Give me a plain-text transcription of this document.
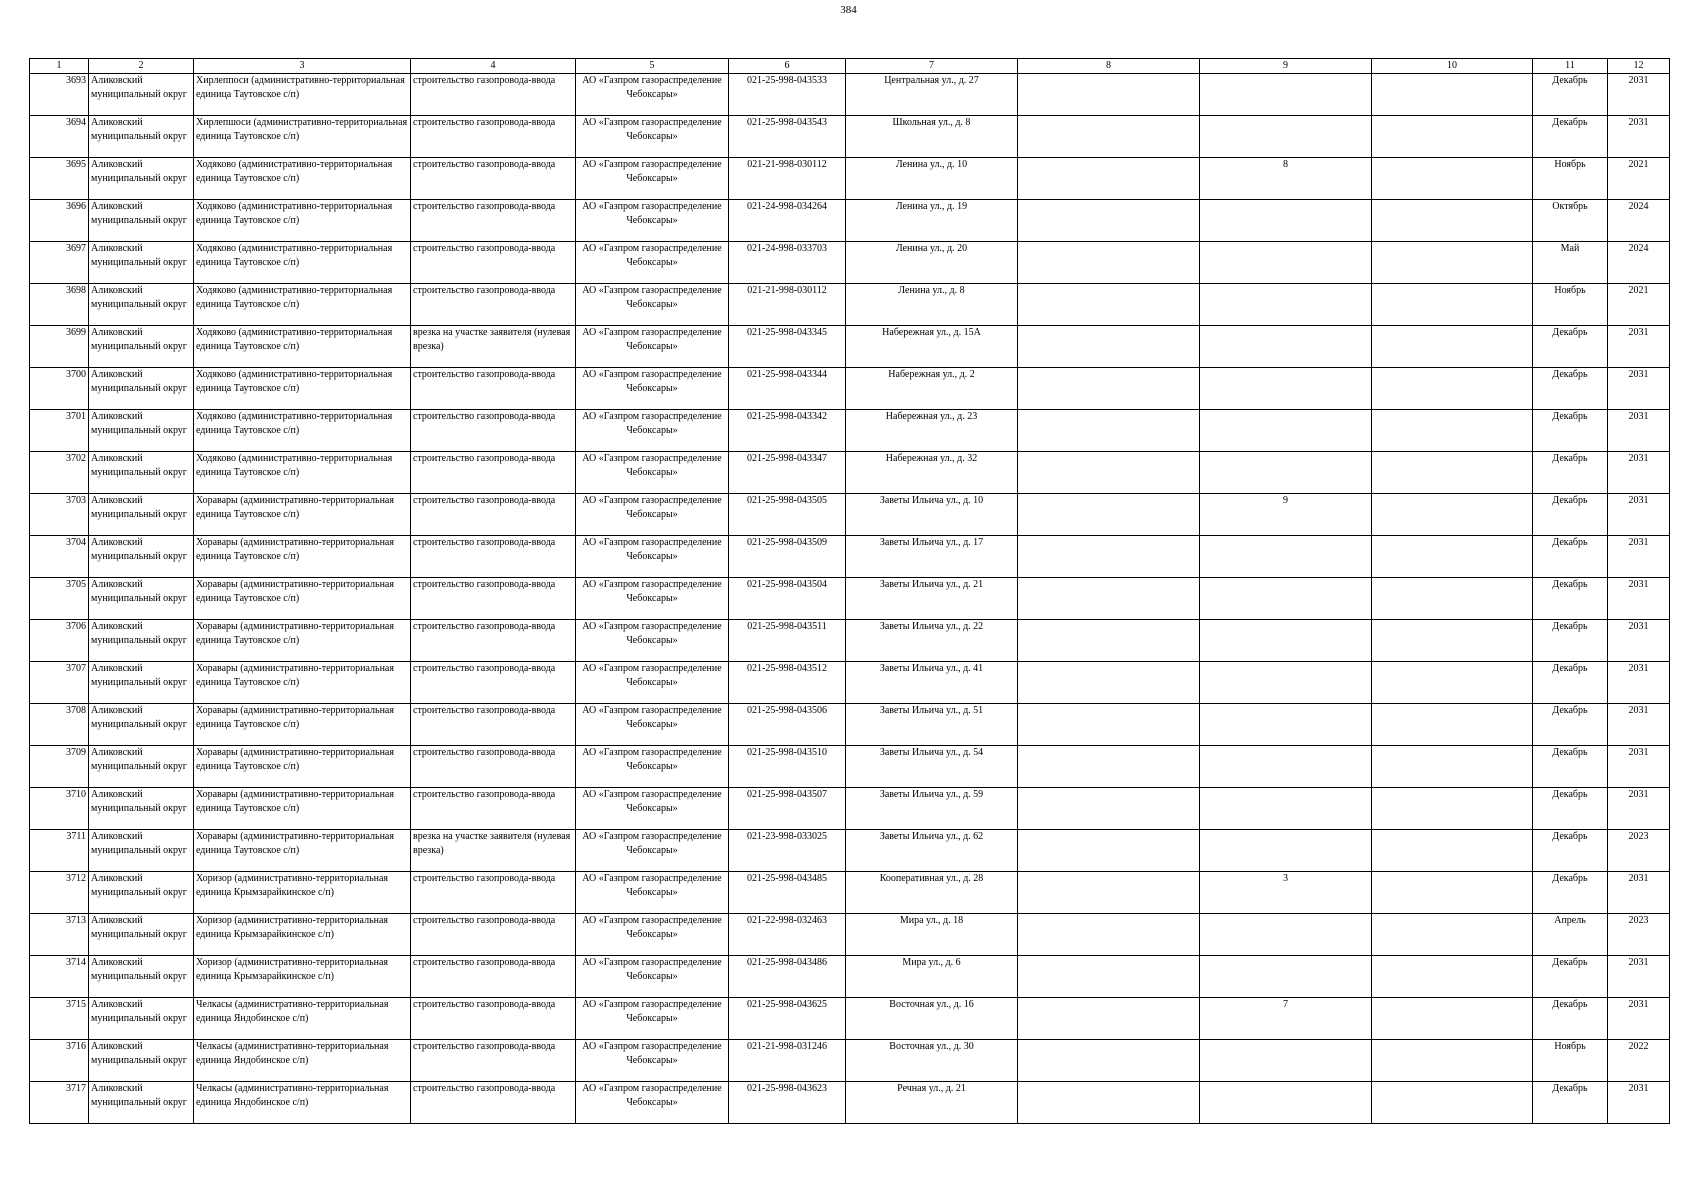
384
1	2	3	4	5	6	7	8	9	10	11	12

3693	Аликовский муниципальный округ	Хирлеппоси (административно-территориальная единица Таутовское с/п)	строительство газопровода-ввода	АО «Газпром газораспределение Чебоксары»	021-25-998-043533	Центральная ул., д. 27				Декабрь	2031

3694	Аликовский муниципальный округ	Хирлепшоси (административно-территориальная единица Таутовское с/п)	строительство газопровода-ввода	АО «Газпром газораспределение Чебоксары»	021-25-998-043543	Школьная ул., д. 8				Декабрь	2031

3695	Аликовский муниципальный округ	Ходяково (административно-территориальная единица Таутовское с/п)	строительство газопровода-ввода	АО «Газпром газораспределение Чебоксары»	021-21-998-030112	Ленина ул., д. 10		8		Ноябрь	2021

3696	Аликовский муниципальный округ	Ходяково (административно-территориальная единица Таутовское с/п)	строительство газопровода-ввода	АО «Газпром газораспределение Чебоксары»	021-24-998-034264	Ленина ул., д. 19				Октябрь	2024

3697	Аликовский муниципальный округ	Ходяково (административно-территориальная единица Таутовское с/п)	строительство газопровода-ввода	АО «Газпром газораспределение Чебоксары»	021-24-998-033703	Ленина ул., д. 20				Май	2024

3698	Аликовский муниципальный округ	Ходяково (административно-территориальная единица Таутовское с/п)	строительство газопровода-ввода	АО «Газпром газораспределение Чебоксары»	021-21-998-030112	Ленина ул., д. 8				Ноябрь	2021

3699	Аликовский муниципальный округ	Ходяково (административно-территориальная единица Таутовское с/п)	врезка на участке заявителя (нулевая врезка)	АО «Газпром газораспределение Чебоксары»	021-25-998-043345	Набережная ул., д. 15А				Декабрь	2031

3700	Аликовский муниципальный округ	Ходяково (административно-территориальная единица Таутовское с/п)	строительство газопровода-ввода	АО «Газпром газораспределение Чебоксары»	021-25-998-043344	Набережная ул., д. 2				Декабрь	2031

3701	Аликовский муниципальный округ	Ходяково (административно-территориальная единица Таутовское с/п)	строительство газопровода-ввода	АО «Газпром газораспределение Чебоксары»	021-25-998-043342	Набережная ул., д. 23				Декабрь	2031

3702	Аликовский муниципальный округ	Ходяково (административно-территориальная единица Таутовское с/п)	строительство газопровода-ввода	АО «Газпром газораспределение Чебоксары»	021-25-998-043347	Набережная ул., д. 32				Декабрь	2031

3703	Аликовский муниципальный округ	Хоравары (административно-территориальная единица Таутовское с/п)	строительство газопровода-ввода	АО «Газпром газораспределение Чебоксары»	021-25-998-043505	Заветы Ильича ул., д. 10		9		Декабрь	2031

3704	Аликовский муниципальный округ	Хоравары (административно-территориальная единица Таутовское с/п)	строительство газопровода-ввода	АО «Газпром газораспределение Чебоксары»	021-25-998-043509	Заветы Ильича ул., д. 17				Декабрь	2031

3705	Аликовский муниципальный округ	Хоравары (административно-территориальная единица Таутовское с/п)	строительство газопровода-ввода	АО «Газпром газораспределение Чебоксары»	021-25-998-043504	Заветы Ильича ул., д. 21				Декабрь	2031

3706	Аликовский муниципальный округ	Хоравары (административно-территориальная единица Таутовское с/п)	строительство газопровода-ввода	АО «Газпром газораспределение Чебоксары»	021-25-998-043511	Заветы Ильича ул., д. 22				Декабрь	2031

3707	Аликовский муниципальный округ	Хоравары (административно-территориальная единица Таутовское с/п)	строительство газопровода-ввода	АО «Газпром газораспределение Чебоксары»	021-25-998-043512	Заветы Ильича ул., д. 41				Декабрь	2031

3708	Аликовский муниципальный округ	Хоравары (административно-территориальная единица Таутовское с/п)	строительство газопровода-ввода	АО «Газпром газораспределение Чебоксары»	021-25-998-043506	Заветы Ильича ул., д. 51				Декабрь	2031

3709	Аликовский муниципальный округ	Хоравары (административно-территориальная единица Таутовское с/п)	строительство газопровода-ввода	АО «Газпром газораспределение Чебоксары»	021-25-998-043510	Заветы Ильича ул., д. 54				Декабрь	2031

3710	Аликовский муниципальный округ	Хоравары (административно-территориальная единица Таутовское с/п)	строительство газопровода-ввода	АО «Газпром газораспределение Чебоксары»	021-25-998-043507	Заветы Ильича ул., д. 59				Декабрь	2031

3711	Аликовский муниципальный округ	Хоравары (административно-территориальная единица Таутовское с/п)	врезка на участке заявителя (нулевая врезка)	АО «Газпром газораспределение Чебоксары»	021-23-998-033025	Заветы Ильича ул., д. 62				Декабрь	2023

3712	Аликовский муниципальный округ	Хоризор (административно-территориальная единица Крымзарайкинское с/п)	строительство газопровода-ввода	АО «Газпром газораспределение Чебоксары»	021-25-998-043485	Кооперативная ул., д. 28		3		Декабрь	2031

3713	Аликовский муниципальный округ	Хоризор (административно-территориальная единица Крымзарайкинское с/п)	строительство газопровода-ввода	АО «Газпром газораспределение Чебоксары»	021-22-998-032463	Мира ул., д. 18				Апрель	2023

3714	Аликовский муниципальный округ	Хоризор (административно-территориальная единица Крымзарайкинское с/п)	строительство газопровода-ввода	АО «Газпром газораспределение Чебоксары»	021-25-998-043486	Мира ул., д. 6				Декабрь	2031

3715	Аликовский муниципальный округ	Челкасы (административно-территориальная единица Яндобинское с/п)	строительство газопровода-ввода	АО «Газпром газораспределение Чебоксары»	021-25-998-043625	Восточная ул., д. 16		7		Декабрь	2031

3716	Аликовский муниципальный округ	Челкасы (административно-территориальная единица Яндобинское с/п)	строительство газопровода-ввода	АО «Газпром газораспределение Чебоксары»	021-21-998-031246	Восточная ул., д. 30				Ноябрь	2022

3717	Аликовский муниципальный округ	Челкасы (административно-территориальная единица Яндобинское с/п)	строительство газопровода-ввода	АО «Газпром газораспределение Чебоксары»	021-25-998-043623	Речная ул., д. 21				Декабрь	2031
